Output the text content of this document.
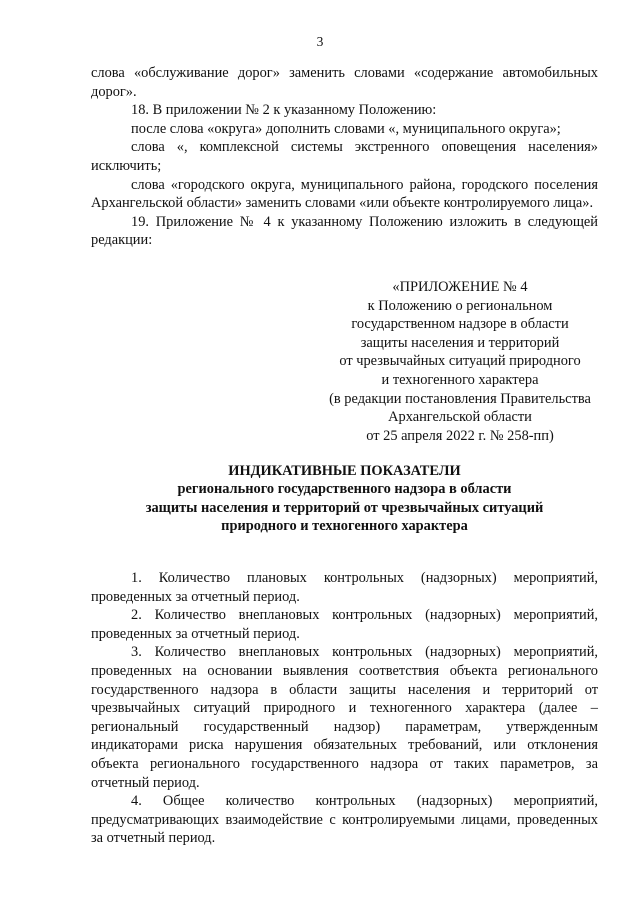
3

слова «обслуживание дорог» заменить словами «содержание автомобильных дорог».

18. В приложении № 2 к указанному Положению:

после слова «округа» дополнить словами «, муниципального округа»;

слова «, комплексной системы экстренного оповещения населения» исключить;

слова «городского округа, муниципального района, городского поселения Архангельской области» заменить словами «или объекте контролируемого лица».

19. Приложение № 4 к указанному Положению изложить в следующей редакции:

«ПРИЛОЖЕНИЕ № 4
к Положению о региональном
государственном надзоре в области
защиты населения и территорий
от чрезвычайных ситуаций природного
и техногенного характера
(в редакции постановления Правительства
Архангельской области
от 25 апреля 2022 г. № 258-пп)
ИНДИКАТИВНЫЕ ПОКАЗАТЕЛИ
регионального государственного надзора в области
защиты населения и территорий от чрезвычайных ситуаций
природного и техногенного характера

1. Количество плановых контрольных (надзорных) мероприятий, проведенных за отчетный период.

2. Количество внеплановых контрольных (надзорных) мероприятий, проведенных за отчетный период.

3. Количество внеплановых контрольных (надзорных) мероприятий, проведенных на основании выявления соответствия объекта регионального государственного надзора в области защиты населения и территорий от чрезвычайных ситуаций природного и техногенного характера (далее – региональный государственный надзор) параметрам, утвержденным индикаторами риска нарушения обязательных требований, или отклонения объекта регионального государственного надзора от таких параметров, за отчетный период.

4. Общее количество контрольных (надзорных) мероприятий, предусматривающих взаимодействие с контролируемыми лицами, проведенных за отчетный период.
